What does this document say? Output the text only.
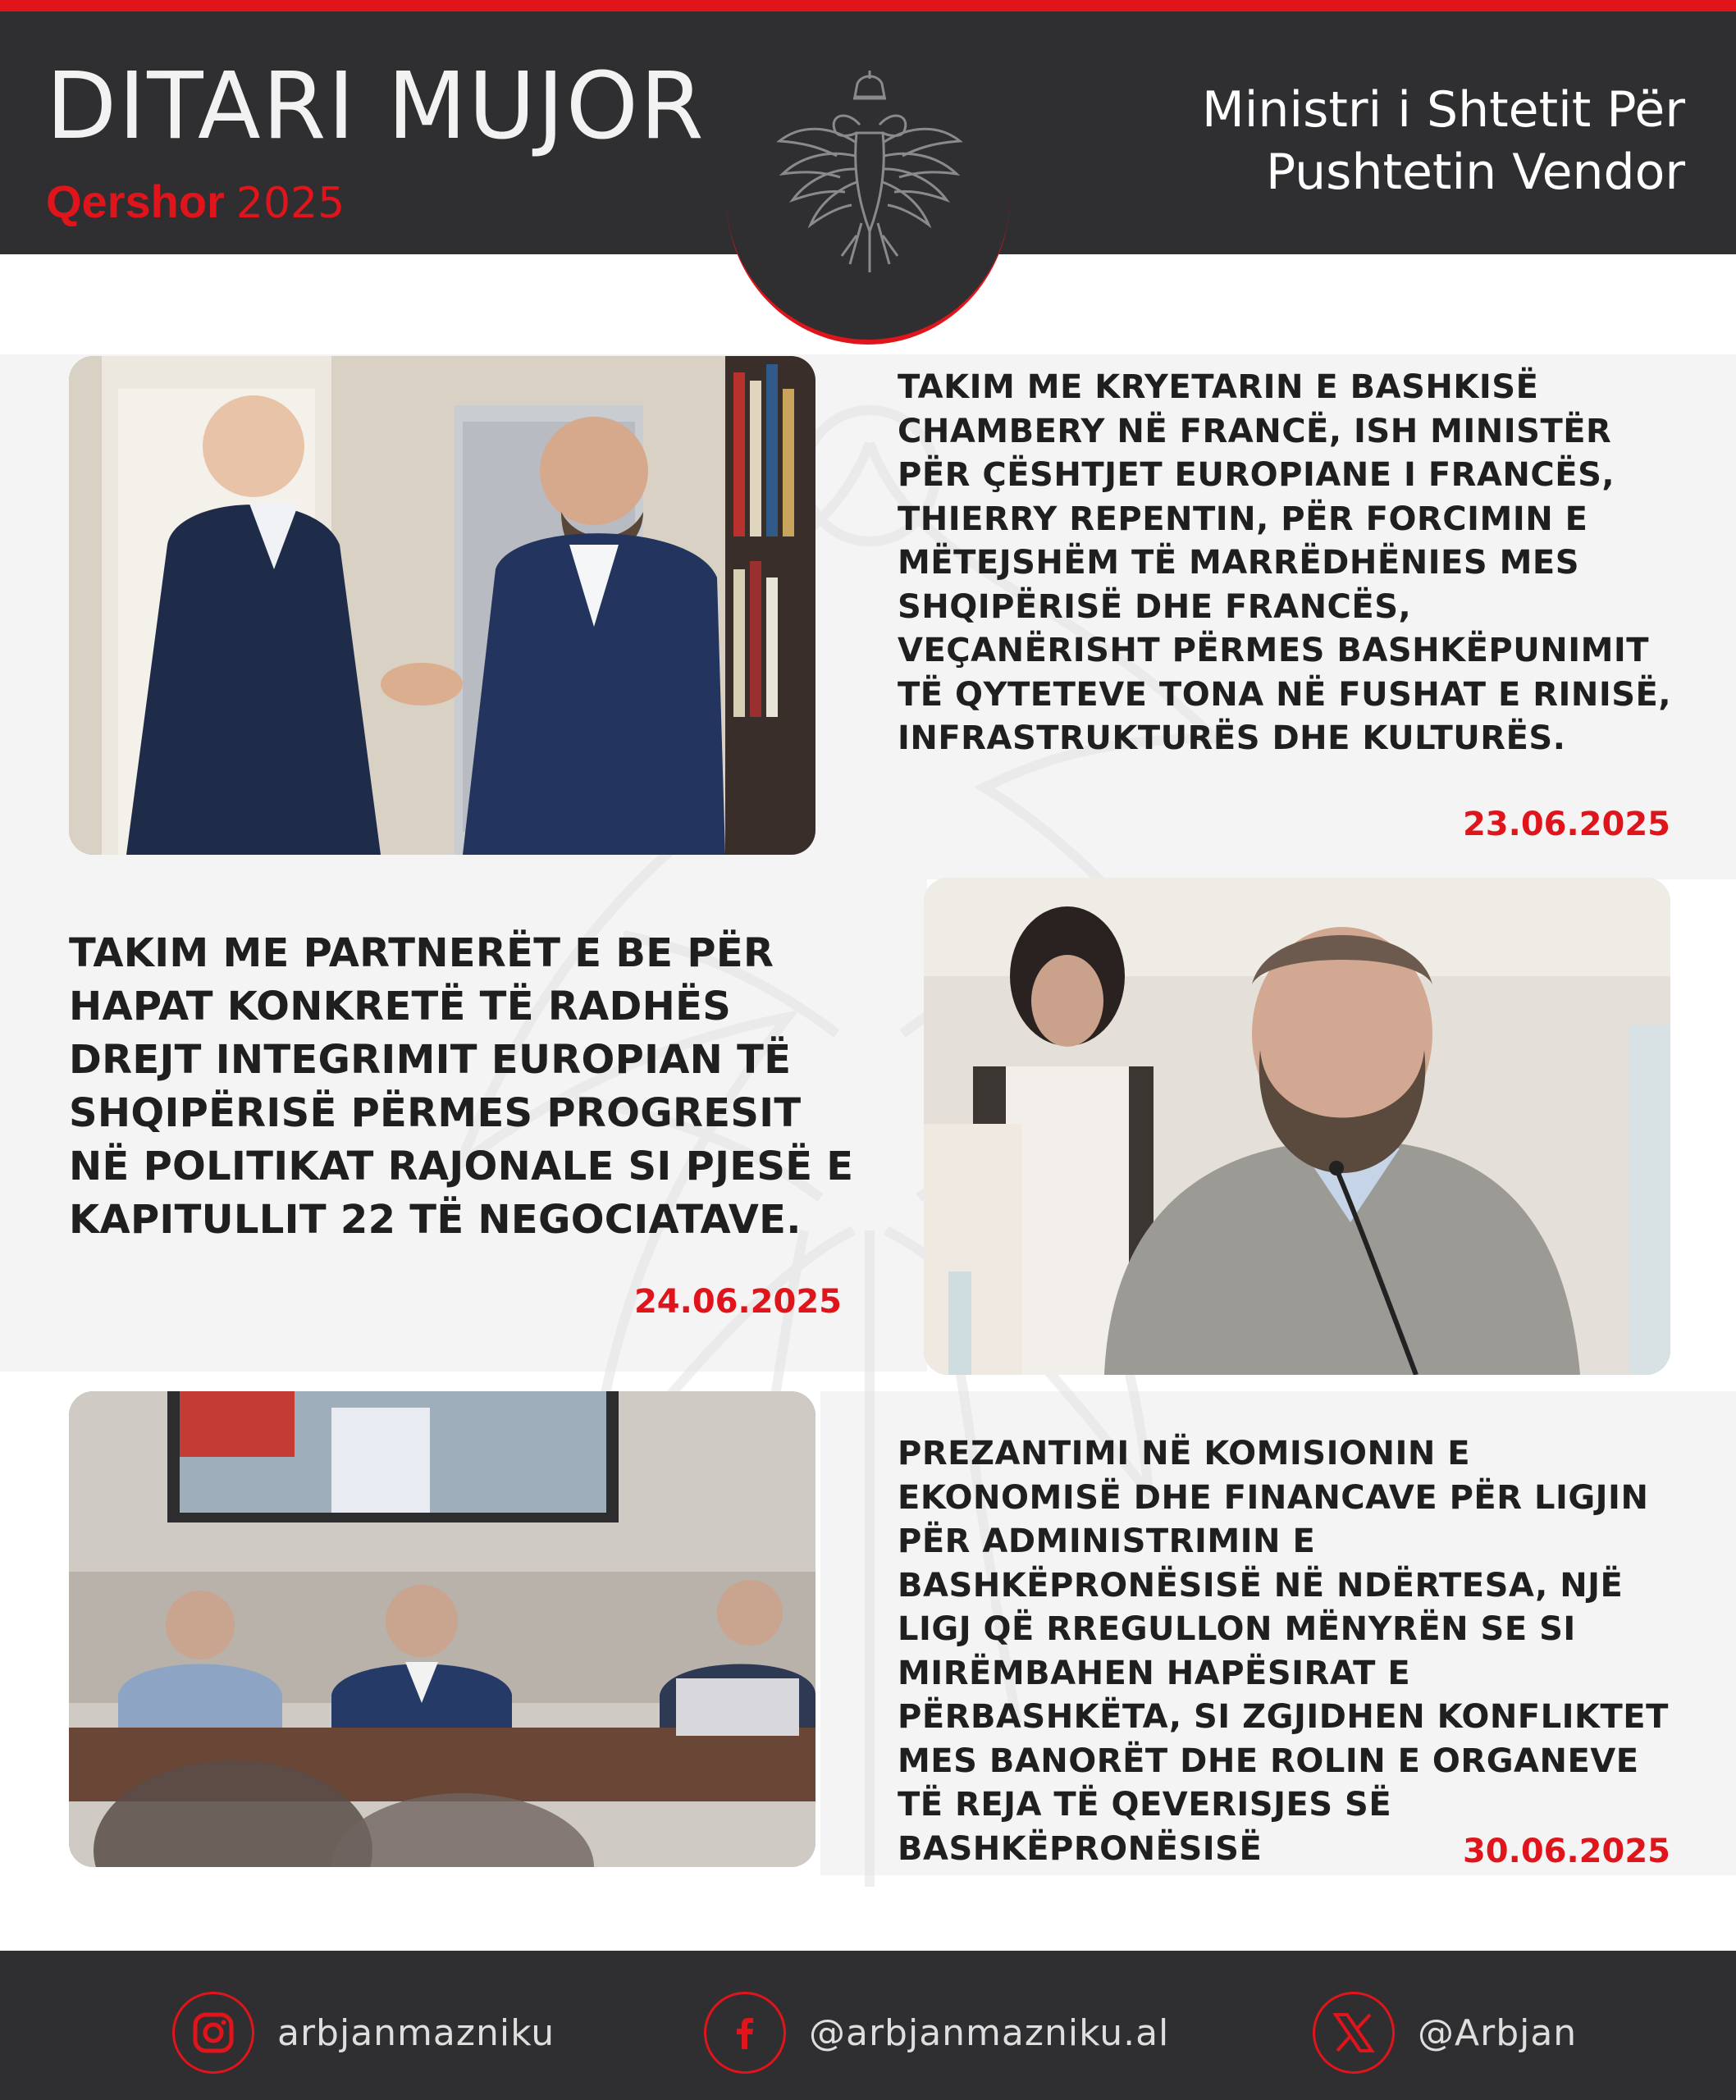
DITARI MUJOR
Qershor 2025
Ministri i Shtetit Për
Pushtetin Vendor
TAKIM ME KRYETARIN E BASHKISË CHAMBERY NË FRANCË, ISH MINISTËR PËR ÇËSHTJET EUROPIANE I FRANCËS, THIERRY REPENTIN, PËR FORCIMIN E MËTEJSHËM TË MARRËDHËNIES MES SHQIPËRISË DHE FRANCËS, VEÇANËRISHT PËRMES BASHKËPUNIMIT TË QYTETEVE TONA NË FUSHAT E RINISË, INFRASTRUKTURËS DHE KULTURËS.
23.06.2025
TAKIM ME PARTNERËT E BE PËR HAPAT KONKRETË TË RADHËS DREJT INTEGRIMIT EUROPIAN TË SHQIPËRISË PËRMES PROGRESIT NË POLITIKAT RAJONALE SI PJESË E KAPITULLIT 22 TË NEGOCIATAVE.
24.06.2025
PREZANTIMI NË KOMISIONIN E EKONOMISË DHE FINANCAVE PËR LIGJIN PËR ADMINISTRIMIN E BASHKËPRONËSISË NË NDËRTESA, NJË LIGJ QË RREGULLON MËNYRËN SE SI MIRËMBAHEN HAPËSIRAT E PËRBASHKËTA, SI ZGJIDHEN KONFLIKTET MES BANORËT DHE ROLIN E ORGANEVE TË REJA TË QEVERISJES SË BASHKËPRONËSISË	30.06.2025
arbjanmazniku	@arbjanmazniku.al	@Arbjan
